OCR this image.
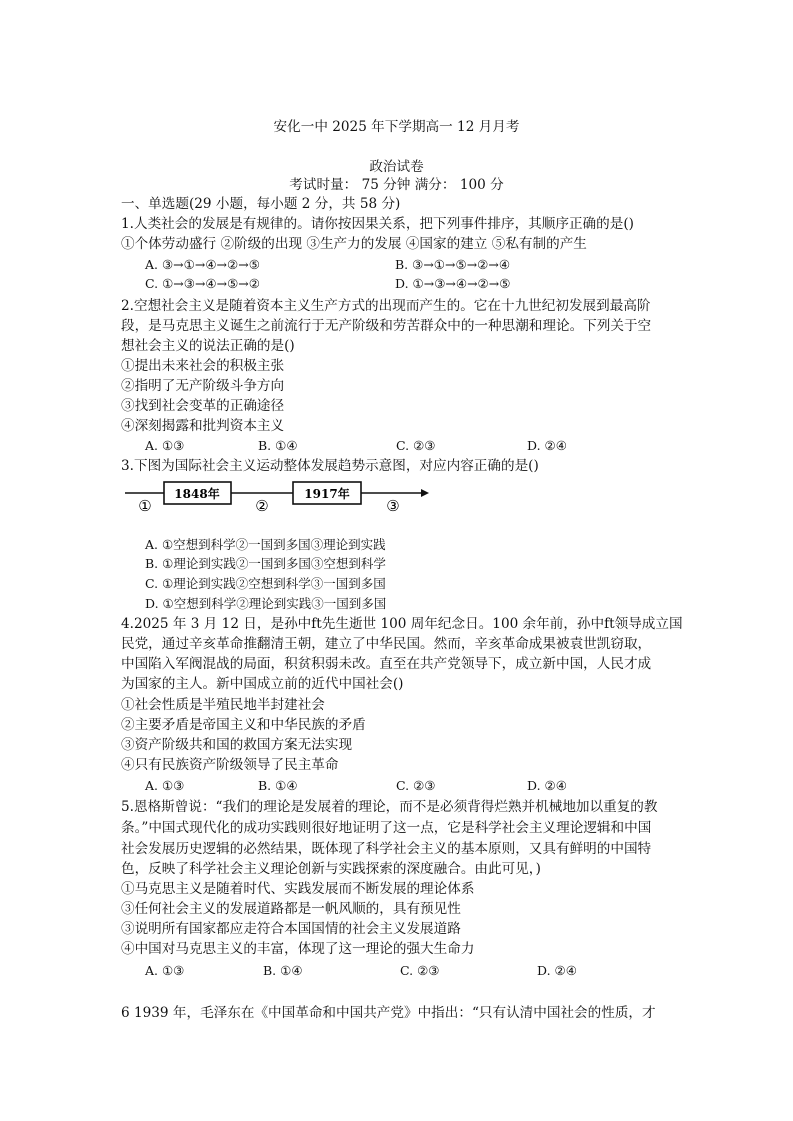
安化一中 2025 年下学期高一 12 月月考
政治试卷
考试时量： 75 分钟 满分： 100 分
一、单选题(29 小题，每小题 2 分，共 58 分)
1.人类社会的发展是有规律的。请你按因果关系，把下列事件排序，其顺序正确的是()
①个体劳动盛行 ②阶级的出现 ③生产力的发展 ④国家的建立 ⑤私有制的产生
A. ③→①→④→②→⑤	B. ③→①→⑤→②→④
C. ①→③→④→⑤→②	D. ①→③→④→②→⑤
2.空想社会主义是随着资本主义生产方式的出现而产生的。它在十九世纪初发展到最高阶
段，是马克思主义诞生之前流行于无产阶级和劳苦群众中的一种思潮和理论。下列关于空
想社会主义的说法正确的是()
①提出未来社会的积极主张
②指明了无产阶级斗争方向
③找到社会变革的正确途径
④深刻揭露和批判资本主义
A. ①③	B. ①④	C. ②③	D. ②④
3.下图为国际社会主义运动整体发展趋势示意图，对应内容正确的是()
1848年	1917年
①	②	③
A. ①空想到科学②一国到多国③理论到实践
B. ①理论到实践②一国到多国③空想到科学
C. ①理论到实践②空想到科学③一国到多国
D. ①空想到科学②理论到实践③一国到多国
4.2025 年 3 月 12 日，是孙中ft先生逝世 100 周年纪念日。100 余年前，孙中ft领导成立国
民党，通过辛亥革命推翻清王朝，建立了中华民国。然而，辛亥革命成果被袁世凯窃取，
中国陷入军阀混战的局面，积贫积弱未改。直至在共产党领导下，成立新中国，人民才成
为国家的主人。新中国成立前的近代中国社会()
①社会性质是半殖民地半封建社会
②主要矛盾是帝国主义和中华民族的矛盾
③资产阶级共和国的救国方案无法实现
④只有民族资产阶级领导了民主革命
A. ①③	B. ①④	C. ②③	D. ②④
5.恩格斯曾说：“我们的理论是发展着的理论，而不是必须背得烂熟并机械地加以重复的教
条。”中国式现代化的成功实践则很好地证明了这一点，它是科学社会主义理论逻辑和中国
社会发展历史逻辑的必然结果，既体现了科学社会主义的基本原则，又具有鲜明的中国特
色，反映了科学社会主义理论创新与实践探索的深度融合。由此可见，)
①马克思主义是随着时代、实践发展而不断发展的理论体系
③任何社会主义的发展道路都是一帆风顺的，具有预见性
③说明所有国家都应走符合本国国情的社会主义发展道路
④中国对马克思主义的丰富，体现了这一理论的强大生命力
A. ①③	B. ①④	C. ②③	D. ②④
6 1939 年，毛泽东在《中国革命和中国共产党》中指出：“只有认清中国社会的性质，才
